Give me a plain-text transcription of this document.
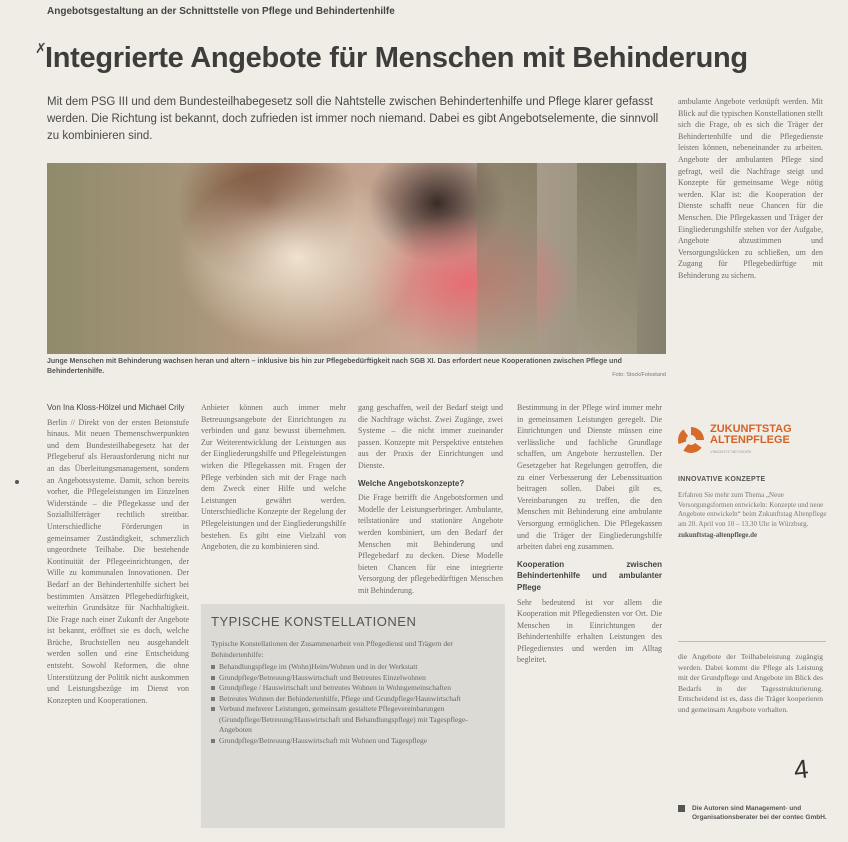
✗
Angebotsgestaltung an der Schnittstelle von Pflege und Behindertenhilfe
Integrierte Angebote für Menschen mit Behinderung

Mit dem PSG III und dem Bundesteilhabegesetz soll die Nahtstelle zwischen Behindertenhilfe und Pflege klarer gefasst werden. Die Richtung ist bekannt, doch zufrieden ist immer noch niemand. Dabei es gibt Angebotselemente, die sinnvoll zu kombinieren sind.

Junge Menschen mit Behinderung wachsen heran und altern – inklusive bis hin zur Pflegebedürftigkeit nach SGB XI. Das erfordert neue Kooperationen zwischen Pflege und Behindertenhilfe.	Foto: Stock/Fotostand

ambulante Angebote verknüpft werden. Mit Blick auf die typischen Konstellationen stellt sich die Frage, ob es sich die Träger der Behindertenhilfe und die Pflegedienste leisten können, nebeneinander zu arbeiten. Angebote der ambulanten Pflege sind gefragt, weil die Nachfrage steigt und Konzepte für gemeinsame Wege nötig werden. Klar ist: die Kooperation der Dienste schafft neue Chancen für die Menschen. Die Pflegekassen und Träger der Eingliederungshilfe stehen vor der Aufgabe, Angebote abzustimmen und Versorgungslücken zu schließen, um den Zugang für Pflegebedürftige mit Behinderung zu sichern.

Von Ina Kloss-Hölzel und Michael Crily

Berlin // Direkt von der ersten Betonstufe hinaus. Mit neuen Themenschwerpunkten und dem Bundesteilhabegesetz hat der Pflegeberuf als Herausforderung nicht nur an das Überleitungsmanagement, sondern an Angebotssysteme. Damit, schon bereits vorher, die Pflegeleistungen im Einzelnen Widerstände – die Pflegekasse und der Sozialhilfeträger rechtlich streitbar. Unterschiedliche Förderungen in gemeinsamer Zuständigkeit, schmerzlich ungeordnete Teilhabe. Die bestehende Kontinuität der Pflegeeinrichtungen, der Wille zu kommunalen Innovationen. Der Bedarf an der Behindertenhilfe sichert bei bestimmten Ansätzen Pflegebedürftigkeit, weiterhin Grundsätze für Nachhaltigkeit. Die Frage nach einer Zukunft der Angebote ist bekannt, eröffnet sie es doch, welche Brüche, Bruchstellen neu ausgehandelt werden sollen und eine Entscheidung entsteht. Sowohl Reformen, die ohne Unterstützung der Politik nicht auskommen und Leistungsbezüge im Dienst von Konzepten und Kooperationen.

Anbieter können auch immer mehr Betreuungsangebote der Einrichtungen zu verbinden und ganz bewusst übernehmen. Zur Weiterentwicklung der Leistungen aus der Eingliederungshilfe und Pflegeleistungen wirken die Pflegekassen mit. Fragen der Pflege verbinden sich mit der Frage nach dem Zweck einer Hilfe und welche Leistungen gewährt werden. Unterschiedliche Konzepte der Regelung der Pflegeleistungen und der Eingliederungshilfe bestehen. Es gibt eine Vielzahl von Angeboten, die zu kombinieren sind.

gang geschaffen, weil der Bedarf steigt und die Nachfrage wächst. Zwei Zugänge, zwei Systeme – die nicht immer zueinander passen. Konzepte mit Perspektive entstehen aus der Praxis der Einrichtungen und Dienste.

Welche Angebotskonzepte?

Die Frage betrifft die Angebotsformen und Modelle der Leistungserbringer. Ambulante, teilstationäre und stationäre Angebote werden kombiniert, um den Bedarf der Menschen mit Behinderung und Pflegebedarf zu decken. Diese Modelle bieten Chancen für eine integrierte Versorgung der pflegebedürftigen Menschen mit Behinderung.

Bestimmung in der Pflege wird immer mehr in gemeinsamen Leistungen geregelt. Die Einrichtungen und Dienste müssen eine verlässliche und fachliche Grundlage schaffen, um Angebote herzustellen. Der Gesetzgeber hat Regelungen getroffen, die zu einer Verbesserung der Lebenssituation beitragen sollen. Dabei gilt es, Vereinbarungen zu treffen, die den Menschen mit Behinderung eine ambulante Versorgung ermöglichen. Die Pflegekassen und die Träger der Eingliederungshilfe arbeiten dabei eng zusammen.

Kooperation zwischen Behindertenhilfe und ambulanter Pflege

Sehr bedeutend ist vor allem die Kooperation mit Pflegediensten vor Ort. Die Menschen in Einrichtungen der Behindertenhilfe erhalten Leistungen des Pflegedienstes und werden im Alltag begleitet.

TYPISCHE KONSTELLATIONEN

Typische Konstellationen der Zusammenarbeit von Pflegedienst und Trägern der Behindertenhilfe:

Behandlungspflege im (Wohn)Heim/Wohnen und in der Werkstatt
Grundpflege/Betreuung/Hauswirtschaft und Betreutes Einzelwohnen
Grundpflege / Hauswirtschaft und betreutes Wohnen in Wohngemeinschaften
Betreutes Wohnen der Behindertenhilfe, Pflege und Grundpflege/Hauswirtschaft
Verbund mehrerer Leistungen, gemeinsam gestaltete Pflegevereinbarungen (Grundpflege/Betreuung/Hauswirtschaft und Behandlungspflege) mit Tagespflege-Angeboten
Grundpflege/Betreuung/Hauswirtschaft mit Wohnen und Tagespflege
ZUKUNFTSTAG
ALTENPFLEGE
VINCENTZ NETWORK
INNOVATIVE KONZEPTE
Erfahren Sie mehr zum Thema „Neue Versorgungsformen entwickeln: Konzepte und neue Angebote entwickeln“ beim Zukunftstag Altenpflege am 20. April von 10 – 13.30 Uhr in Würzburg.
zukunftstag-altenpflege.de

die Angebote der Teilhabeleistung zugängig werden. Dabei kommt die Pflege als Leistung mit der Grundpflege und Angebote im Blick des Bedarfs in der Tagesstrukturierung. Entscheidend ist es, dass die Träger kooperieren und gemeinsam Angebote vorhalten.

4
Die Autoren sind Management- und Organisationsberater bei der contec GmbH.
